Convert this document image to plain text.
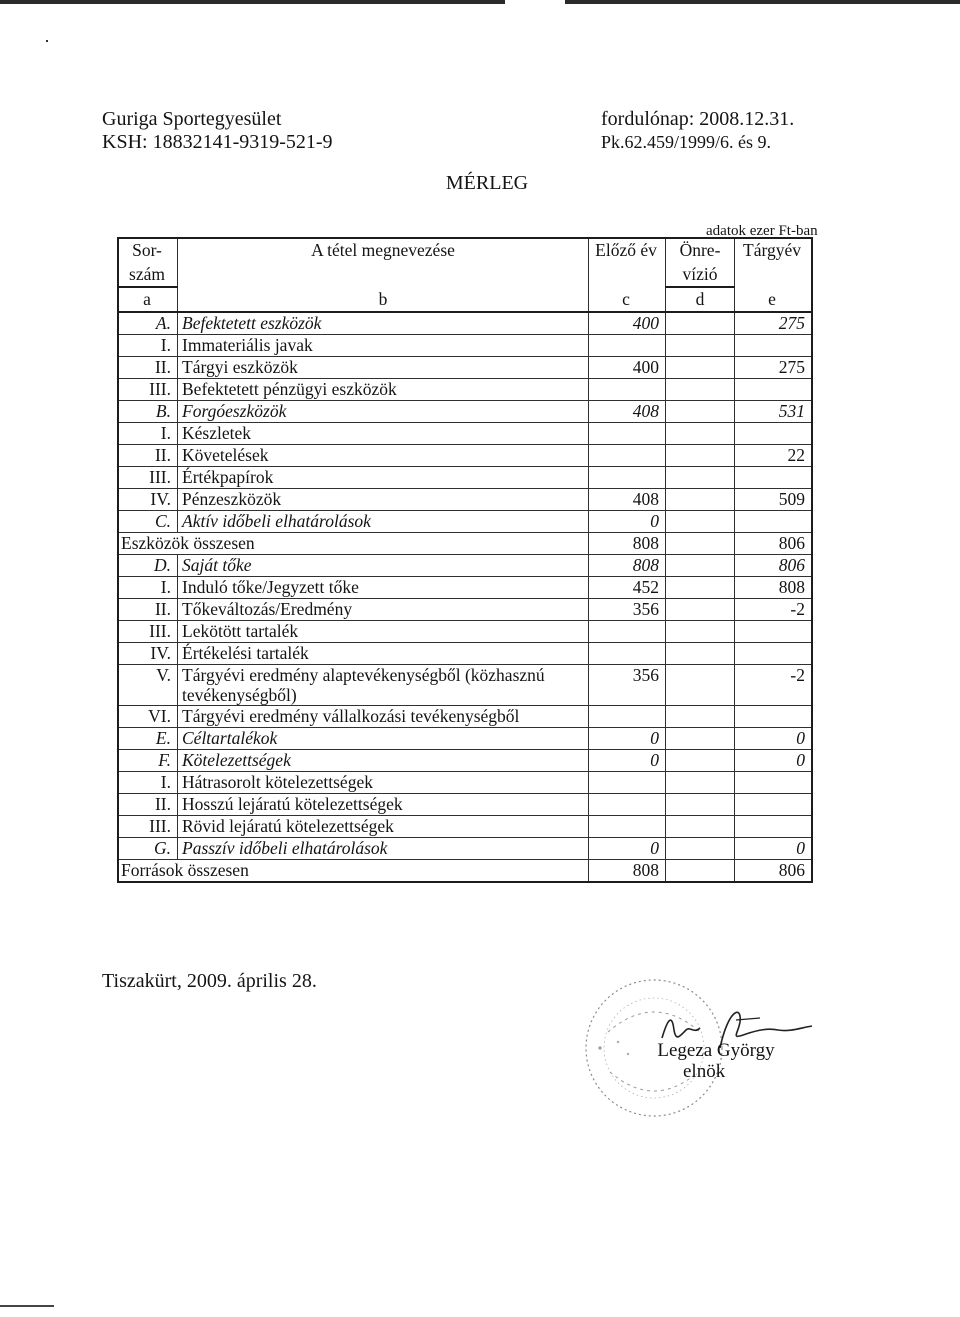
Guriga Sportegyesület
KSH: 18832141-9319-521-9
fordulónap: 2008.12.31.
Pk.62.459/1999/6. és 9.
MÉRLEG
adatok ezer Ft-ban
Sor-	A tétel megnevezése	Előző év	Önre-	Tárgyév
szám			vízió	
a	b	c	d	e
A.	Befektetett eszközök	400		275
I.	Immateriális javak			
II.	Tárgyi eszközök	400		275
III.	Befektetett pénzügyi eszközök			
B.	Forgóeszközök	408		531
I.	Készletek			
II.	Követelések			22
III.	Értékpapírok			
IV.	Pénzeszközök	408		509
C.	Aktív időbeli elhatárolások	0		
Eszközök összesen		808		806
D.	Saját tőke	808		806
I.	Induló tőke/Jegyzett tőke	452		808
II.	Tőkeváltozás/Eredmény	356		-2
III.	Lekötött tartalék			
IV.	Értékelési tartalék			
V.	Tárgyévi eredmény alaptevékenységből (közhasznú tevékenységből)	356		-2
VI.	Tárgyévi eredmény vállalkozási tevékenységből			
E.	Céltartalékok	0		0
F.	Kötelezettségek	0		0
I.	Hátrasorolt kötelezettségek			
II.	Hosszú lejáratú kötelezettségek			
III.	Rövid lejáratú kötelezettségek			
G.	Passzív időbeli elhatárolások	0		0
Források összesen		808		806
Tiszakürt, 2009. április 28.
Legeza György
elnök
